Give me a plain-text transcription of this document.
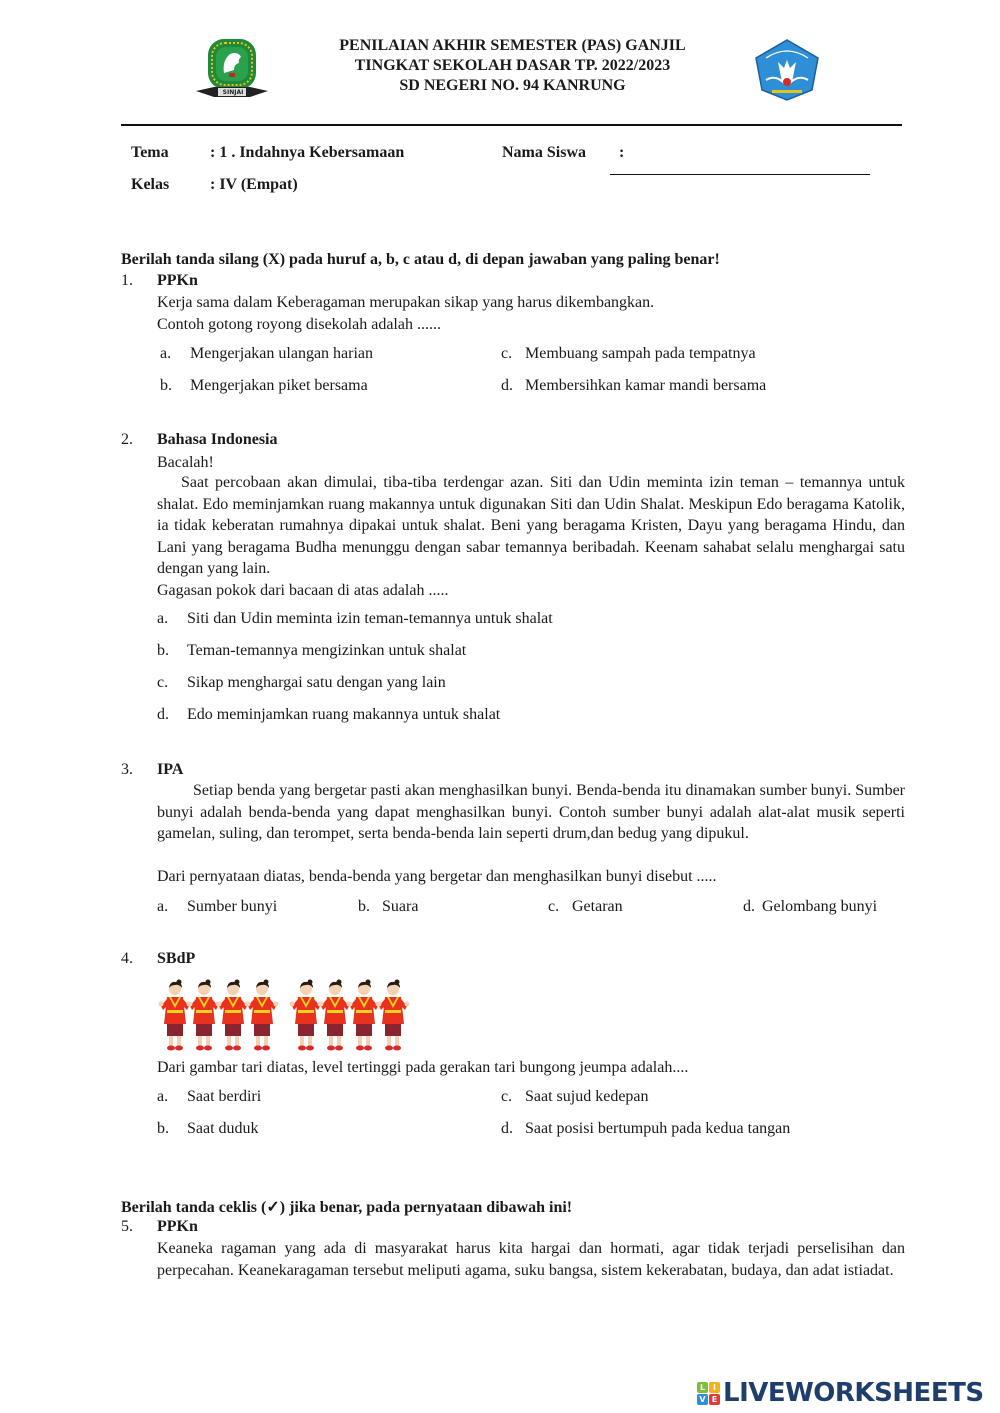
SINJAI
PENILAIAN AKHIR SEMESTER (PAS) GANJIL
TINGKAT SEKOLAH DASAR TP. 2022/2023
SD NEGERI NO. 94 KANRUNG
Tema	: 1 . Indahnya Kebersamaan	Nama Siswa :
Kelas	: IV (Empat)
Berilah tanda silang (X) pada huruf a, b, c atau d, di depan jawaban yang paling benar!
1. PPKn
Kerja sama dalam Keberagaman merupakan sikap yang harus dikembangkan.
Contoh gotong royong disekolah adalah ......
a. Mengerjakan ulangan harian
b. Mengerjakan piket bersama
c. Membuang sampah pada tempatnya
d. Membersihkan kamar mandi bersama
2. Bahasa Indonesia
Bacalah!
Saat percobaan akan dimulai, tiba-tiba terdengar azan. Siti dan Udin meminta izin teman – temannya untuk shalat. Edo meminjamkan ruang makannya untuk digunakan Siti dan Udin Shalat. Meskipun Edo beragama Katolik, ia tidak keberatan rumahnya dipakai untuk shalat. Beni yang beragama Kristen, Dayu yang beragama Hindu, dan Lani yang beragama Budha menunggu dengan sabar temannya beribadah. Keenam sahabat selalu menghargai satu dengan yang lain.
Gagasan pokok dari bacaan di atas adalah .....
a. Siti dan Udin meminta izin teman-temannya untuk shalat
b. Teman-temannya mengizinkan untuk shalat
c. Sikap menghargai satu dengan yang lain
d. Edo meminjamkan ruang makannya untuk shalat
3. IPA
Setiap benda yang bergetar pasti akan menghasilkan bunyi. Benda-benda itu dinamakan sumber bunyi. Sumber bunyi adalah benda-benda yang dapat menghasilkan bunyi. Contoh sumber bunyi adalah alat-alat musik seperti gamelan, suling, dan terompet, serta benda-benda lain seperti drum,dan bedug yang dipukul.
Dari pernyataan diatas, benda-benda yang bergetar dan menghasilkan bunyi disebut .....
a. Sumber bunyi	b. Suara	c. Getaran	d. Gelombang bunyi
4. SBdP
Dari gambar tari diatas, level tertinggi pada gerakan tari bungong jeumpa adalah....
a. Saat berdiri
b. Saat duduk
c. Saat sujud kedepan
d. Saat posisi bertumpuh pada kedua tangan
Berilah tanda ceklis (✓) jika benar, pada pernyataan dibawah ini!
5. PPKn
Keaneka ragaman yang ada di masyarakat harus kita hargai dan hormati, agar tidak terjadi perselisihan dan perpecahan. Keanekaragaman tersebut meliputi agama, suku bangsa, sistem kekerabatan, budaya, dan adat istiadat.
L I
V E LIVEWORKSHEETS
